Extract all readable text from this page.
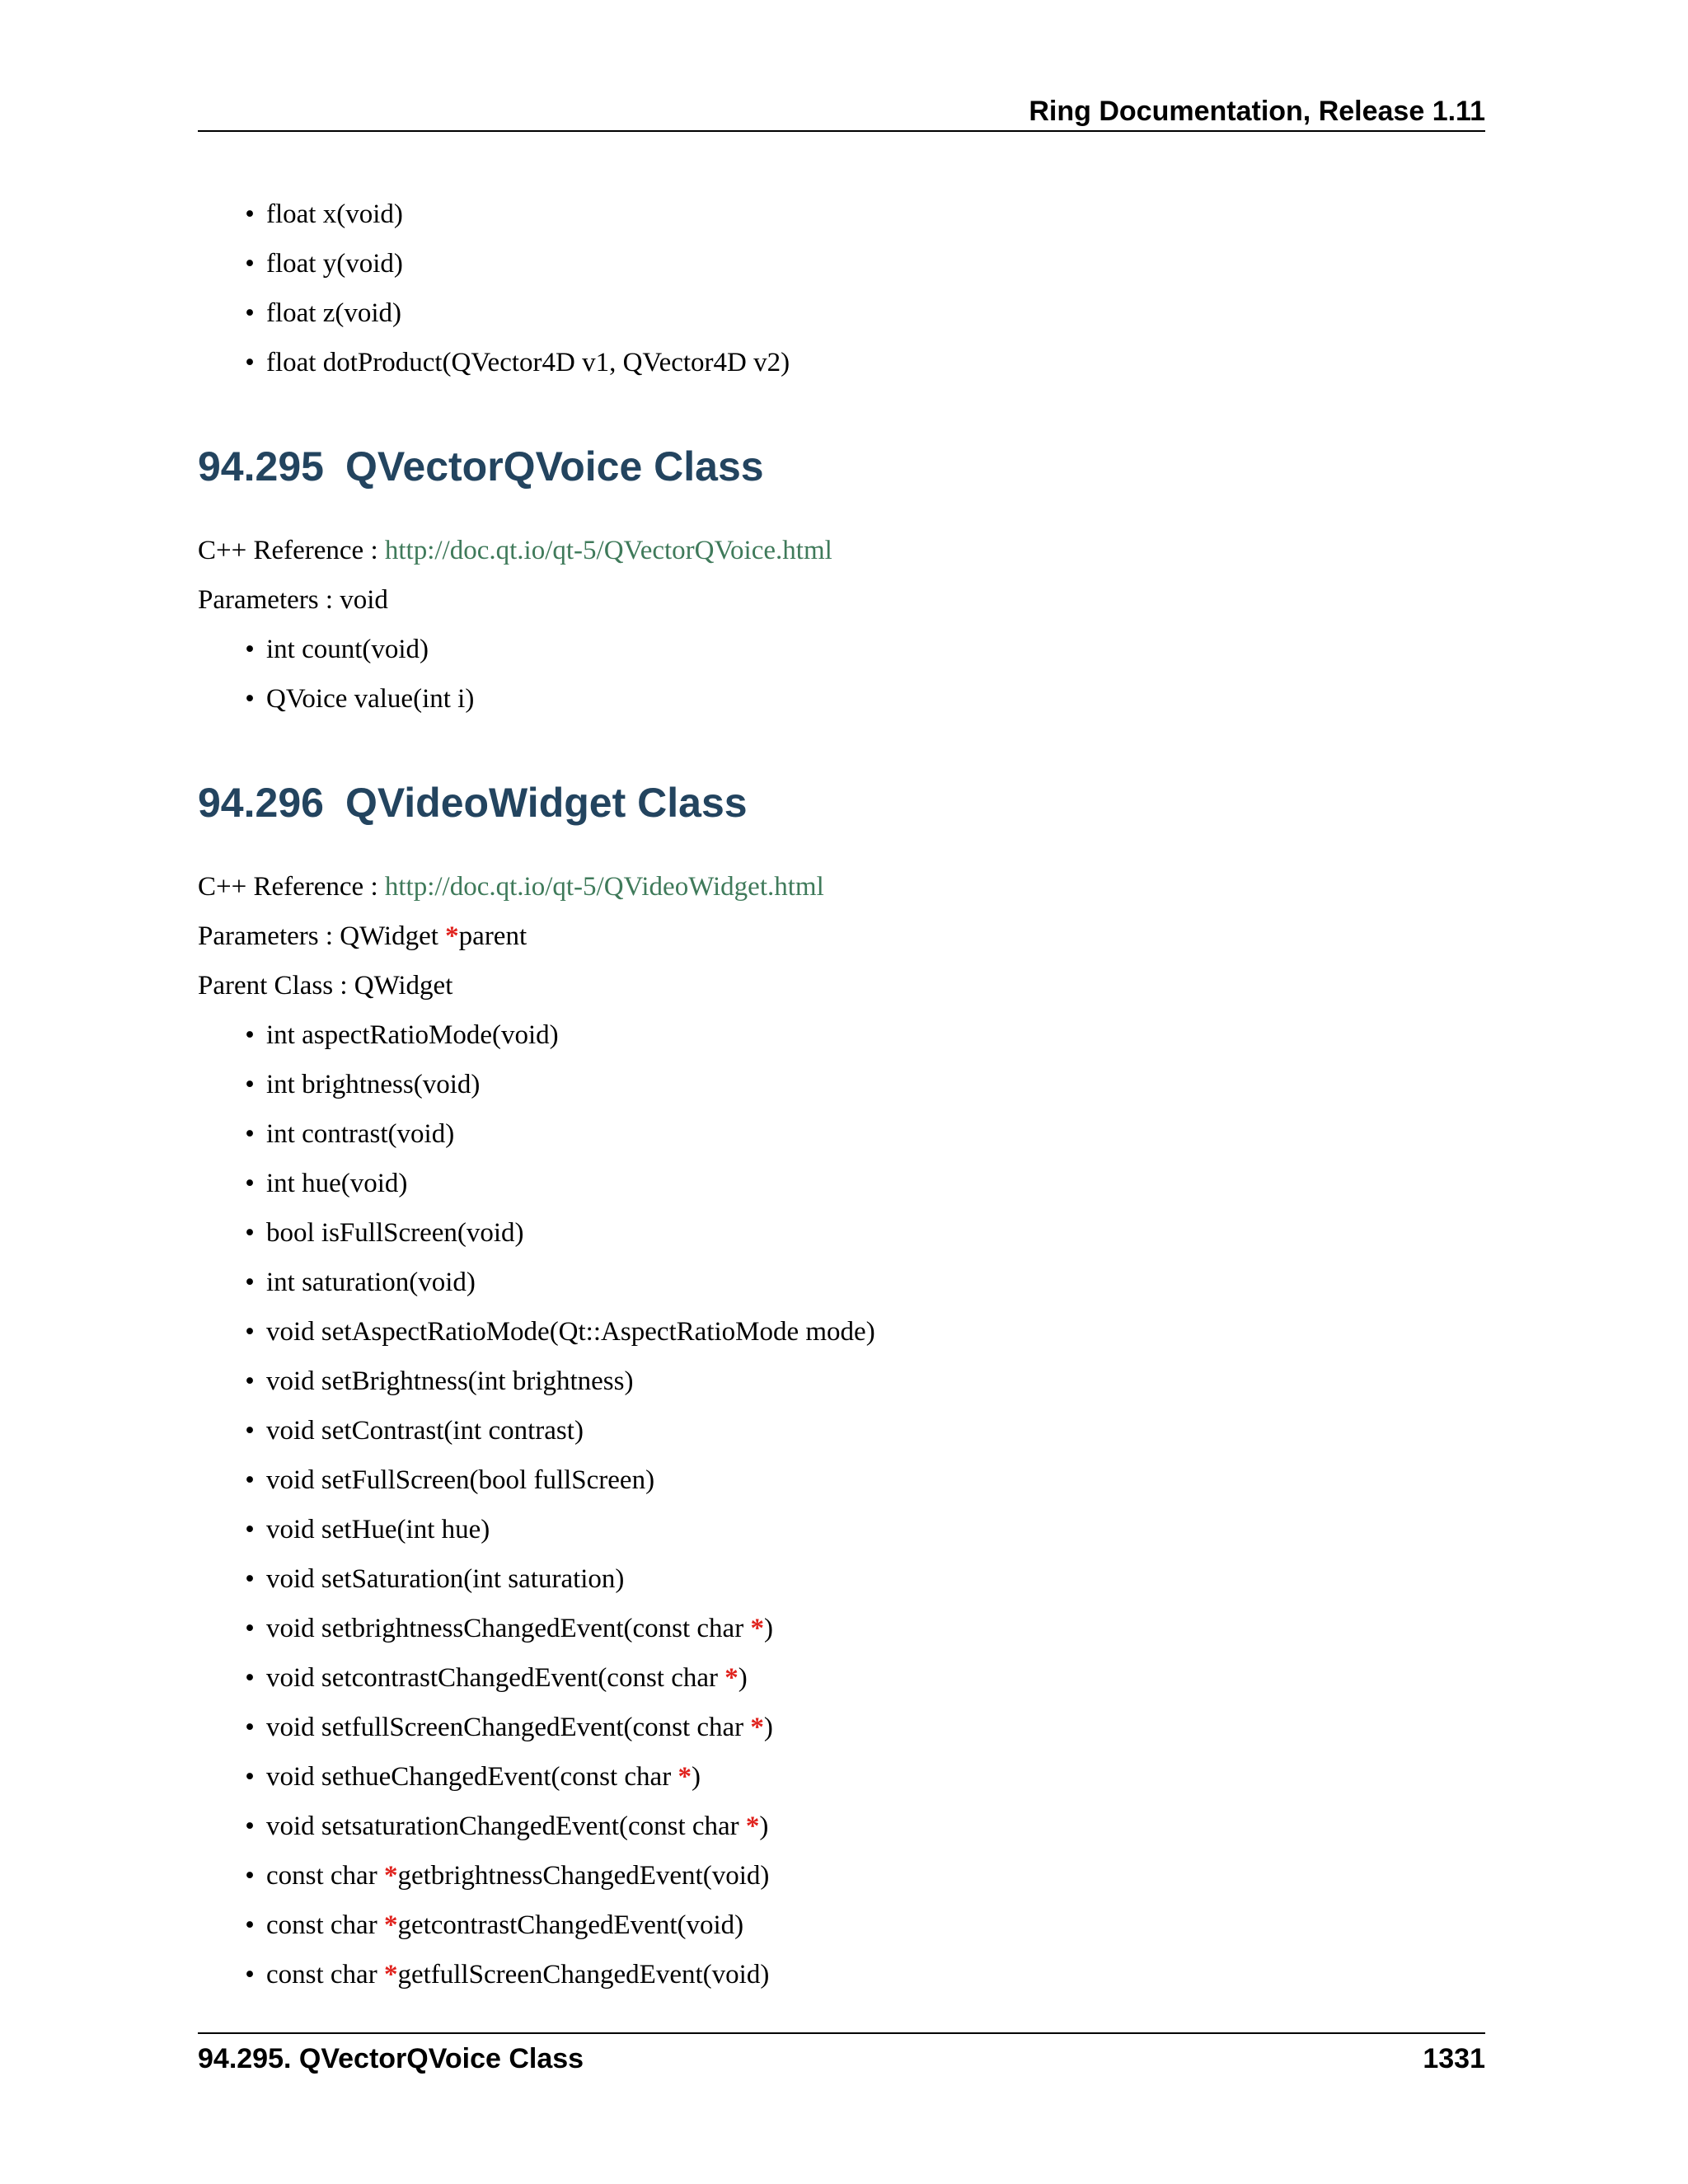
Ring Documentation, Release 1.11
• float x(void)
• float y(void)
• float z(void)
• float dotProduct(QVector4D v1, QVector4D v2)
94.295 QVectorQVoice Class
C++ Reference : http://doc.qt.io/qt-5/QVectorQVoice.html
Parameters : void
• int count(void)
• QVoice value(int i)
94.296 QVideoWidget Class
C++ Reference : http://doc.qt.io/qt-5/QVideoWidget.html
Parameters : QWidget *parent
Parent Class : QWidget
• int aspectRatioMode(void)
• int brightness(void)
• int contrast(void)
• int hue(void)
• bool isFullScreen(void)
• int saturation(void)
• void setAspectRatioMode(Qt::AspectRatioMode mode)
• void setBrightness(int brightness)
• void setContrast(int contrast)
• void setFullScreen(bool fullScreen)
• void setHue(int hue)
• void setSaturation(int saturation)
• void setbrightnessChangedEvent(const char *)
• void setcontrastChangedEvent(const char *)
• void setfullScreenChangedEvent(const char *)
• void sethueChangedEvent(const char *)
• void setsaturationChangedEvent(const char *)
• const char *getbrightnessChangedEvent(void)
• const char *getcontrastChangedEvent(void)
• const char *getfullScreenChangedEvent(void)
94.295. QVectorQVoice Class	1331
